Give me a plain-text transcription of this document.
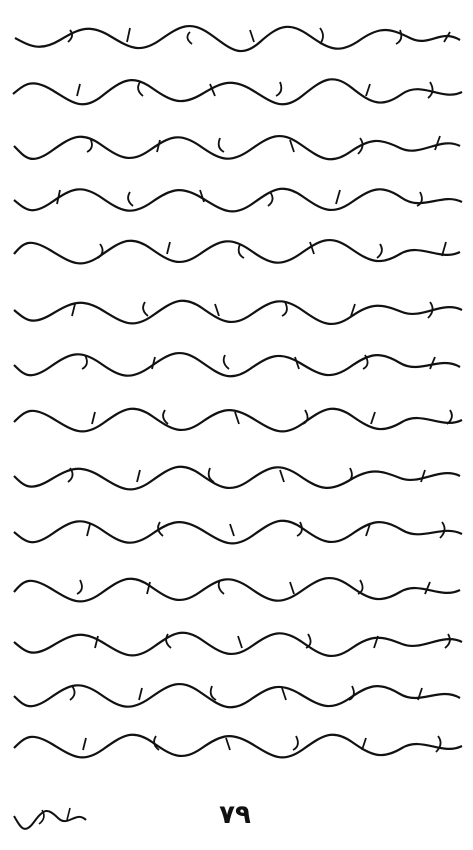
٧٩
